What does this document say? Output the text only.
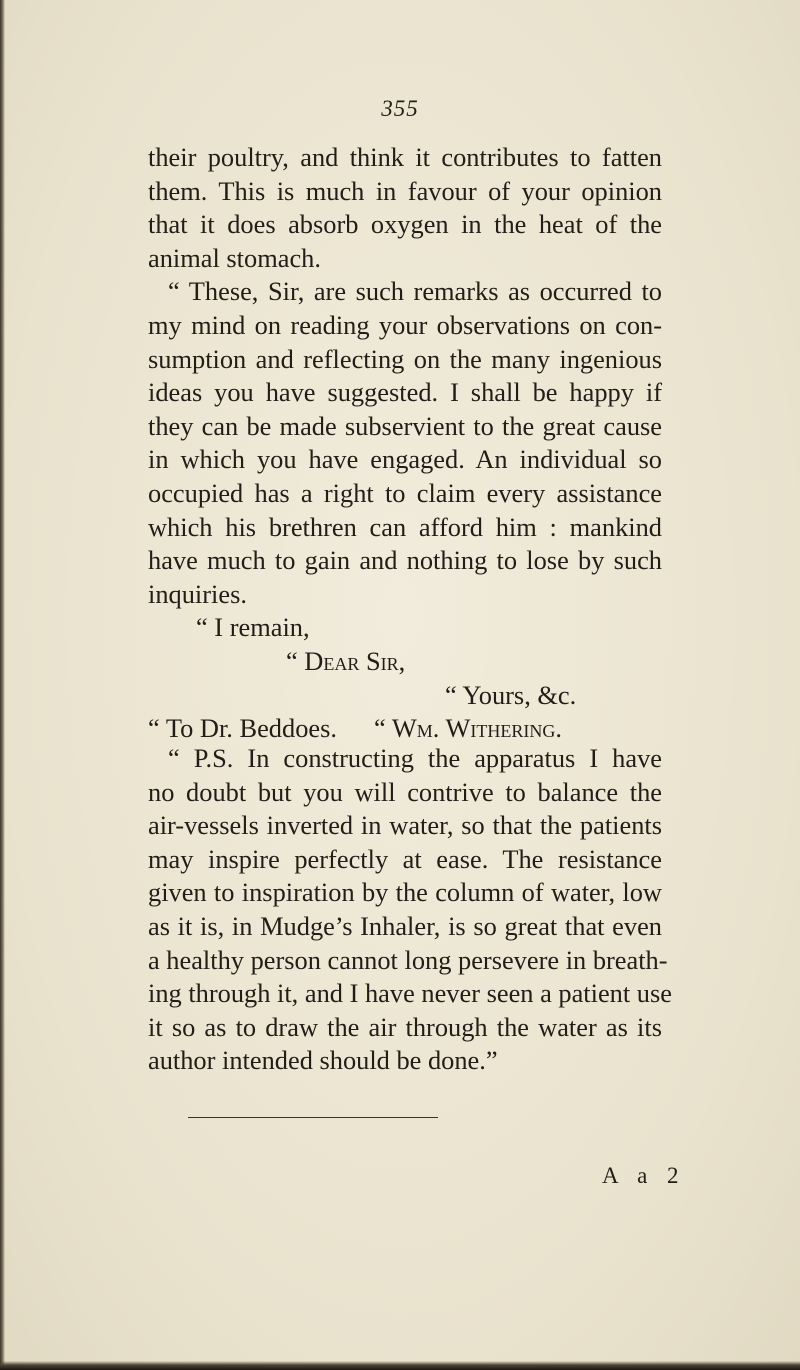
355
their poultry, and think it contributes to fatten
them. This is much in favour of your opinion
that it does absorb oxygen in the heat of the
animal stomach.
“ These, Sir, are such remarks as occurred to
my mind on reading your observations on con-
sumption and reflecting on the many ingenious
ideas you have suggested. I shall be happy if
they can be made subservient to the great cause
in which you have engaged. An individual so
occupied has a right to claim every assistance
which his brethren can afford him : mankind
have much to gain and nothing to lose by such
inquiries.
“ I remain,
“ Dear Sir,
“ Yours, &c.
“ To Dr. Beddoes. “ Wm. Withering.
“ P.S. In constructing the apparatus I have
no doubt but you will contrive to balance the
air-vessels inverted in water, so that the patients
may inspire perfectly at ease. The resistance
given to inspiration by the column of water, low
as it is, in Mudge’s Inhaler, is so great that even
a healthy person cannot long persevere in breath-
ing through it, and I have never seen a patient use
it so as to draw the air through the water as its
author intended should be done.”
A a 2
